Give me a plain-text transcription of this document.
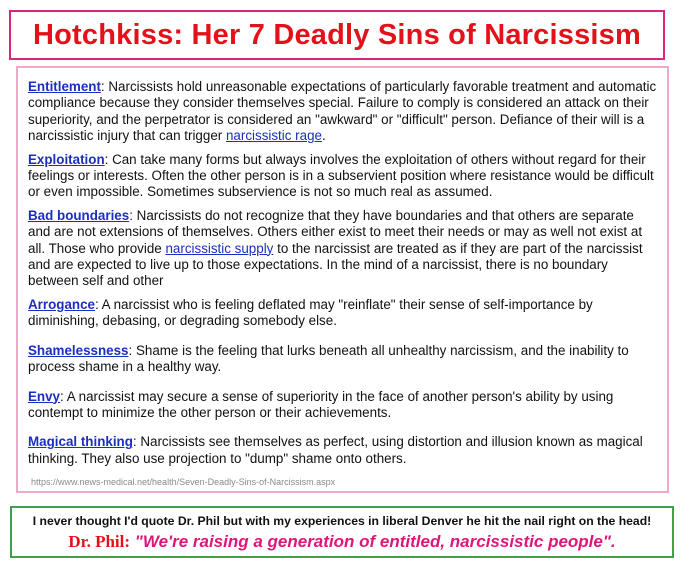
Hotchkiss: Her 7 Deadly Sins of Narcissism

Entitlement: Narcissists hold unreasonable expectations of particularly favorable treatment and automatic compliance because they consider themselves special. Failure to comply is considered an attack on their superiority, and the perpetrator is considered an "awkward" or "difficult" person. Defiance of their will is a narcissistic injury that can trigger narcissistic rage.

Exploitation: Can take many forms but always involves the exploitation of others without regard for their feelings or interests. Often the other person is in a subservient position where resistance would be difficult or even impossible. Sometimes subservience is not so much real as assumed.

Bad boundaries: Narcissists do not recognize that they have boundaries and that others are separate and are not extensions of themselves. Others either exist to meet their needs or may as well not exist at all. Those who provide narcissistic supply to the narcissist are treated as if they are part of the narcissist and are expected to live up to those expectations. In the mind of a narcissist, there is no boundary between self and other

Arrogance: A narcissist who is feeling deflated may "reinflate" their sense of self-importance by diminishing, debasing, or degrading somebody else.

Shamelessness: Shame is the feeling that lurks beneath all unhealthy narcissism, and the inability to process shame in a healthy way.

Envy: A narcissist may secure a sense of superiority in the face of another person's ability by using contempt to minimize the other person or their achievements.

Magical thinking: Narcissists see themselves as perfect, using distortion and illusion known as magical thinking. They also use projection to "dump" shame onto others.

https://www.news-medical.net/health/Seven-Deadly-Sins-of-Narcissism.aspx
I never thought I'd quote Dr. Phil but with my experiences in liberal Denver he hit the nail right on the head!
Dr. Phil: "We're raising a generation of entitled, narcissistic people".
